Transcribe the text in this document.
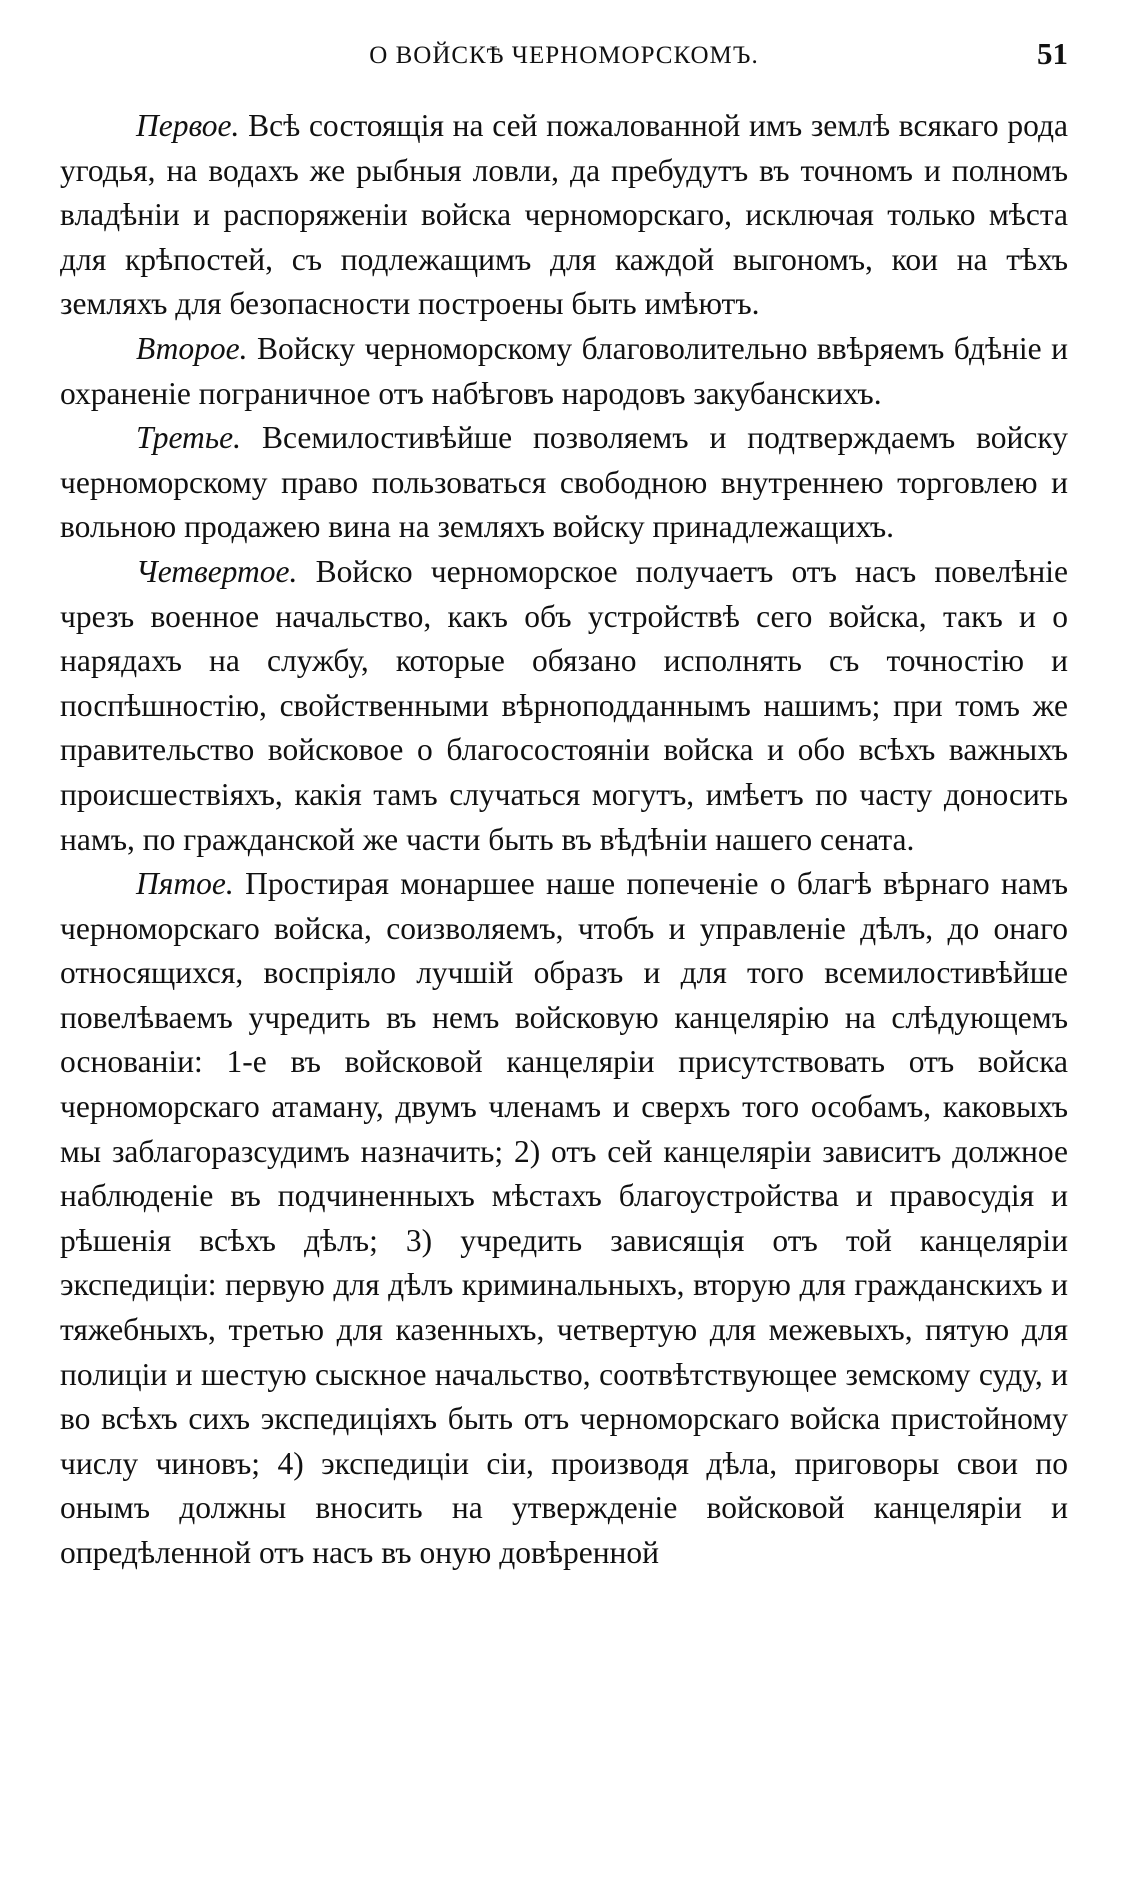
О ВОЙСКѢ ЧЕРНОМОРСКОМЪ.	51

Первое. Всѣ состоящія на сей пожалованной имъ землѣ всякаго рода угодья, на водахъ же рыбныя ловли, да пребудутъ въ точномъ и полномъ владѣніи и распоряженіи войска черноморскаго, исключая только мѣста для крѣпостей, съ подлежащимъ для каждой выгономъ, кои на тѣхъ земляхъ для безопасности построены быть имѣютъ.

Второе. Войску черноморскому благоволительно ввѣряемъ бдѣніе и охраненіе пограничное отъ набѣговъ народовъ закубанскихъ.

Третье. Всемилостивѣйше позволяемъ и подтверждаемъ войску черноморскому право пользоваться свободною внутреннею торговлею и вольною продажею вина на земляхъ войску принадлежащихъ.

Четвертое. Войско черноморское получаетъ отъ насъ повелѣніе чрезъ военное начальство, какъ объ устройствѣ сего войска, такъ и о нарядахъ на службу, которые обязано исполнять съ точностію и поспѣшностію, свойственными вѣрноподданнымъ нашимъ; при томъ же правительство войсковое о благосостояніи войска и обо всѣхъ важныхъ происшествіяхъ, какія тамъ случаться могутъ, имѣетъ по часту доносить намъ, по гражданской же части быть въ вѣдѣніи нашего сената.

Пятое. Простирая монаршее наше попеченіе о благѣ вѣрнаго намъ черноморскаго войска, соизволяемъ, чтобъ и управленіе дѣлъ, до онаго относящихся, воспріяло лучшій образъ и для того всемилостивѣйше повелѣваемъ учредить въ немъ войсковую канцелярію на слѣдующемъ основаніи: 1-е въ войсковой канцеляріи присутствовать отъ войска черноморскаго атаману, двумъ членамъ и сверхъ того особамъ, каковыхъ мы заблагоразсудимъ назначить; 2) отъ сей канцеляріи зависитъ должное наблюденіе въ подчиненныхъ мѣстахъ благоустройства и правосудія и рѣшенія всѣхъ дѣлъ; 3) учредить зависящія отъ той канцеляріи экспедиціи: первую для дѣлъ криминальныхъ, вторую для гражданскихъ и тяжебныхъ, третью для казенныхъ, четвертую для межевыхъ, пятую для полиціи и шестую сыскное начальство, соотвѣтствующее земскому суду, и во всѣхъ сихъ экспедиціяхъ быть отъ черноморскаго войска пристойному числу чиновъ; 4) экспедиціи сіи, производя дѣла, приговоры свои по онымъ должны вносить на утвержденіе войсковой канцеляріи и опредѣленной отъ насъ въ оную довѣренной
